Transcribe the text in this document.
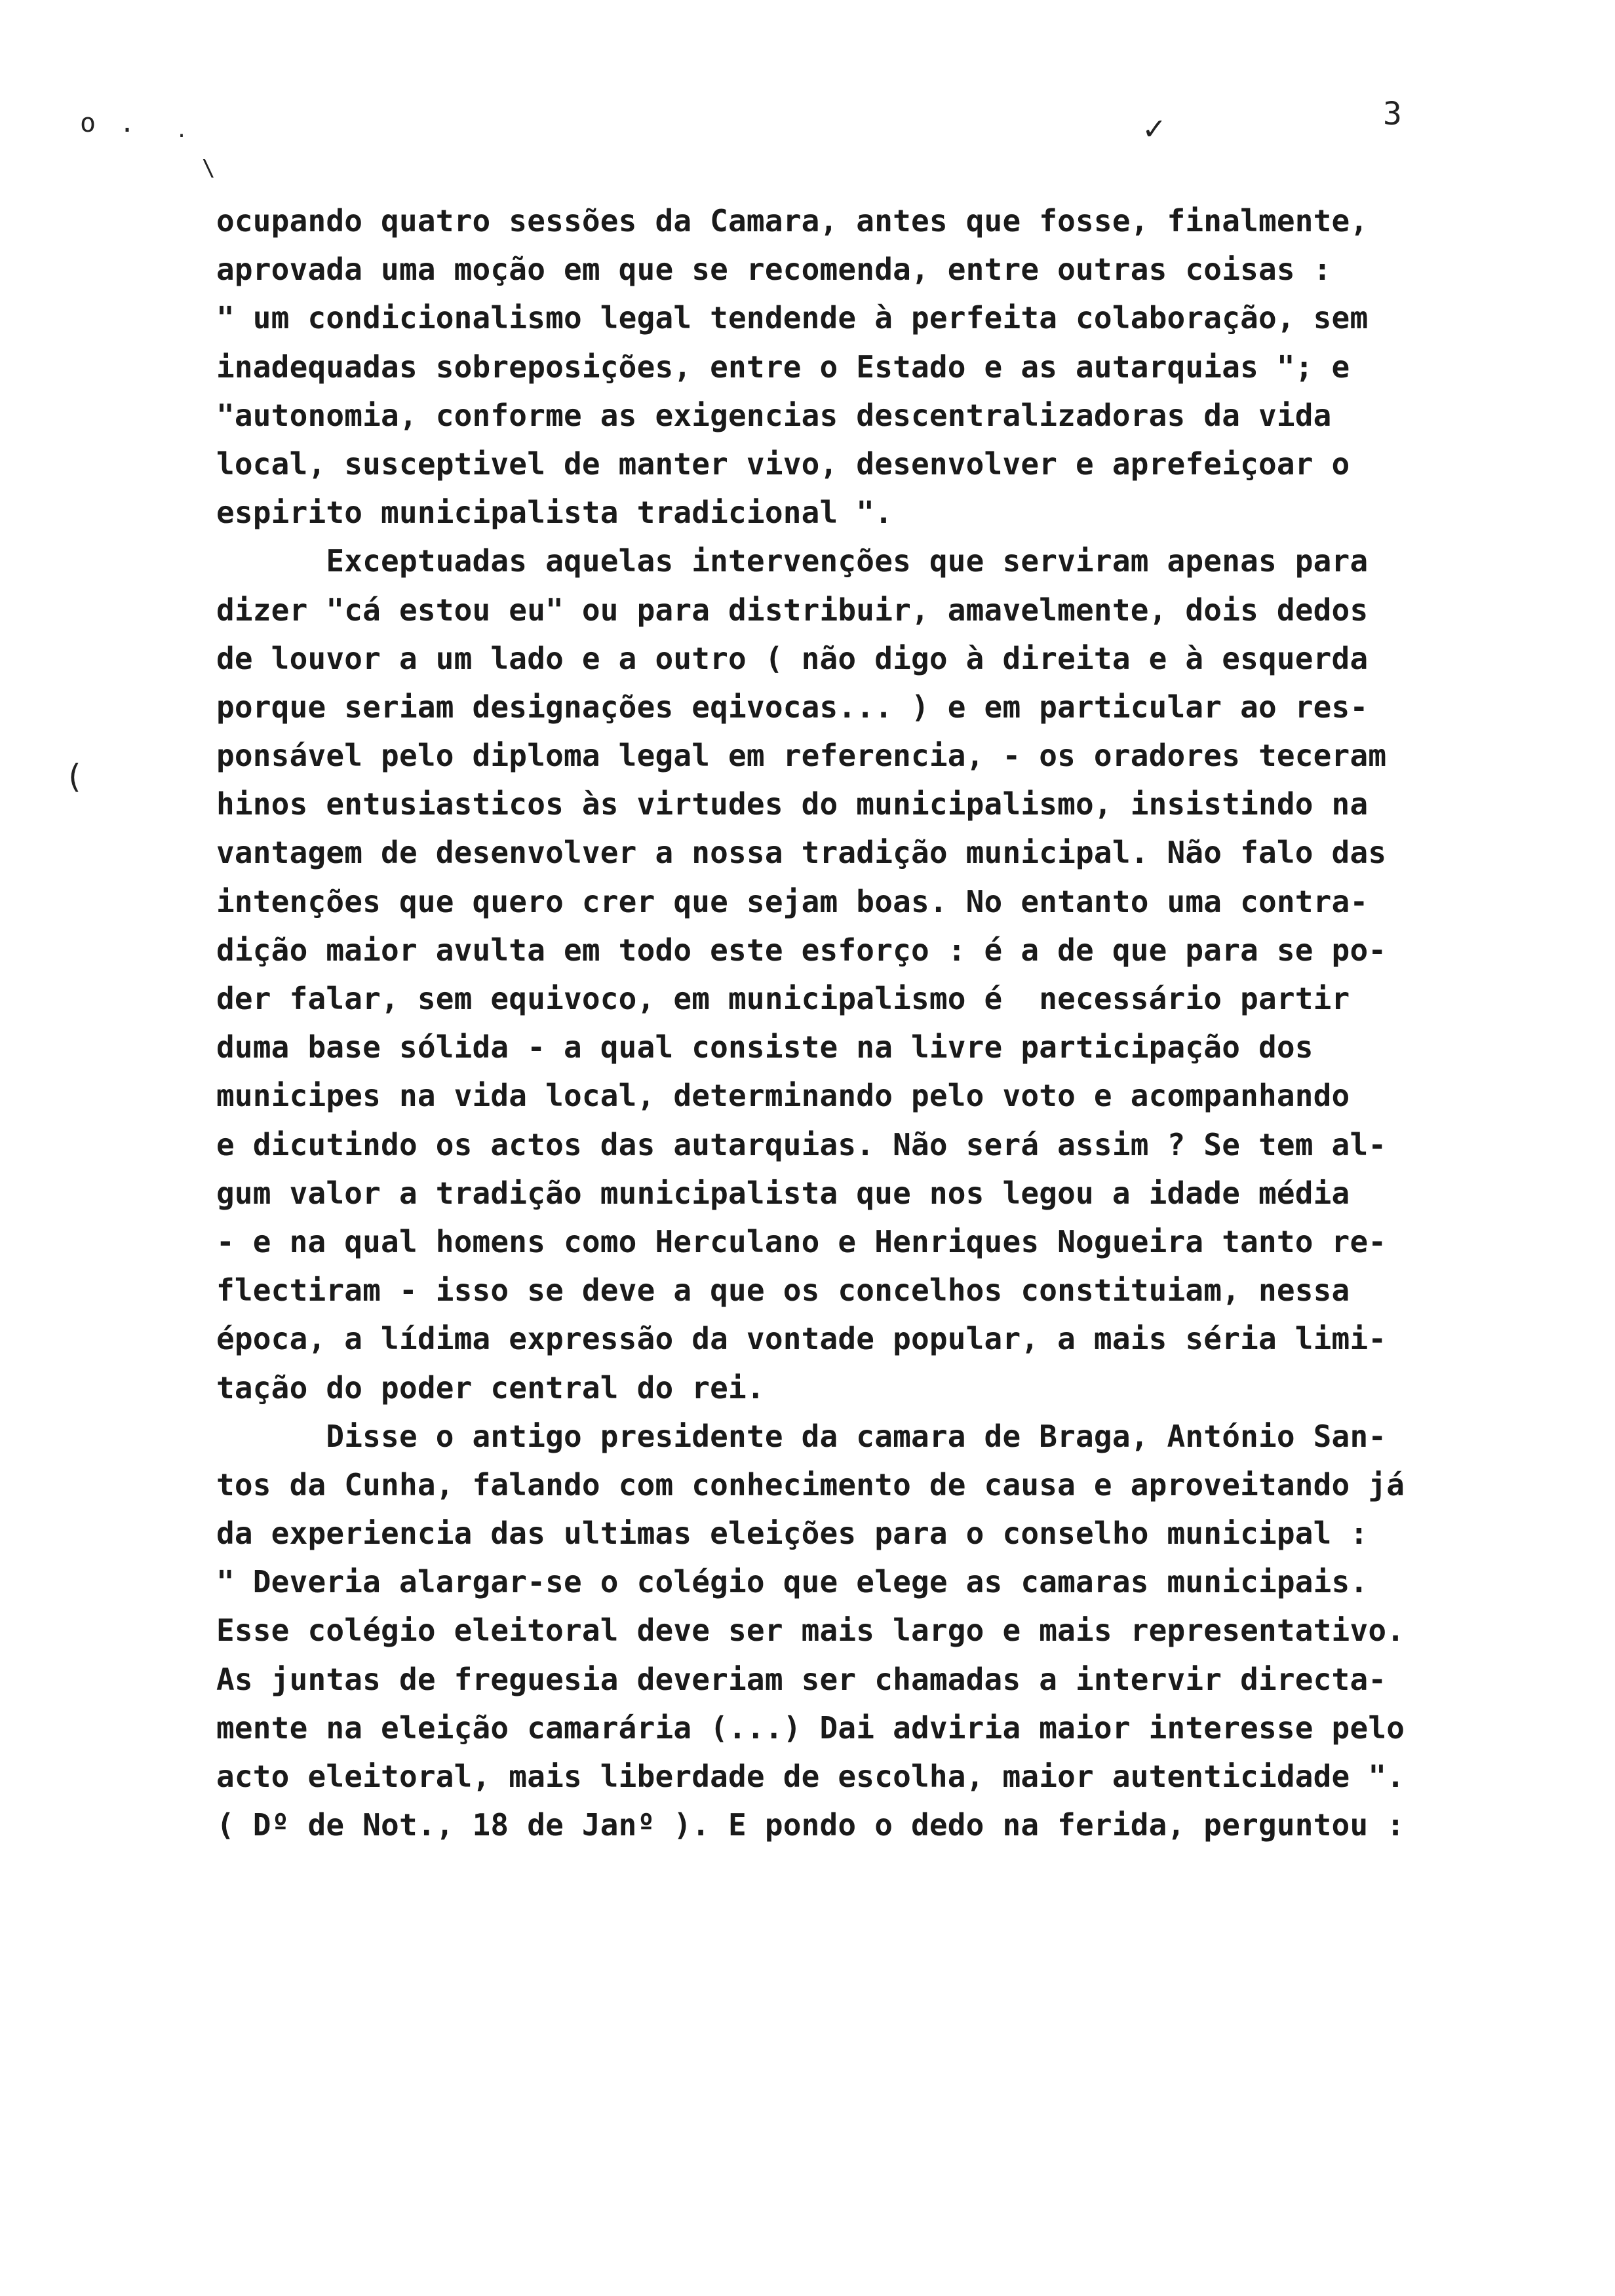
o . .	✓
\
(
3
ocupando quatro sessões da Camara, antes que fosse, finalmente,
aprovada uma moção em que se recomenda, entre outras coisas :
" um condicionalismo legal tendende à perfeita colaboração, sem
inadequadas sobreposições, entre o Estado e as autarquias "; e
"autonomia, conforme as exigencias descentralizadoras da vida
local, susceptivel de manter vivo, desenvolver e aprefeiçoar o
espirito municipalista tradicional ".
Exceptuadas aquelas intervenções que serviram apenas para
dizer "cá estou eu" ou para distribuir, amavelmente, dois dedos
de louvor a um lado e a outro ( não digo à direita e à esquerda
porque seriam designações eqivocas... ) e em particular ao res-
ponsável pelo diploma legal em referencia, - os oradores teceram
hinos entusiasticos às virtudes do municipalismo, insistindo na
vantagem de desenvolver a nossa tradição municipal. Não falo das
intenções que quero crer que sejam boas. No entanto uma contra-
dição maior avulta em todo este esforço : é a de que para se po-
der falar, sem equivoco, em municipalismo é  necessário partir
duma base sólida - a qual consiste na livre participação dos
municipes na vida local, determinando pelo voto e acompanhando
e dicutindo os actos das autarquias. Não será assim ? Se tem al-
gum valor a tradição municipalista que nos legou a idade média
- e na qual homens como Herculano e Henriques Nogueira tanto re-
flectiram - isso se deve a que os concelhos constituiam, nessa
época, a lídima expressão da vontade popular, a mais séria limi-
tação do poder central do rei.
Disse o antigo presidente da camara de Braga, António San-
tos da Cunha, falando com conhecimento de causa e aproveitando já
da experiencia das ultimas eleições para o conselho municipal :
" Deveria alargar-se o colégio que elege as camaras municipais.
Esse colégio eleitoral deve ser mais largo e mais representativo.
As juntas de freguesia deveriam ser chamadas a intervir directa-
mente na eleição camarária (...) Dai adviria maior interesse pelo
acto eleitoral, mais liberdade de escolha, maior autenticidade ".
( Dº de Not., 18 de Janº ). E pondo o dedo na ferida, perguntou :
